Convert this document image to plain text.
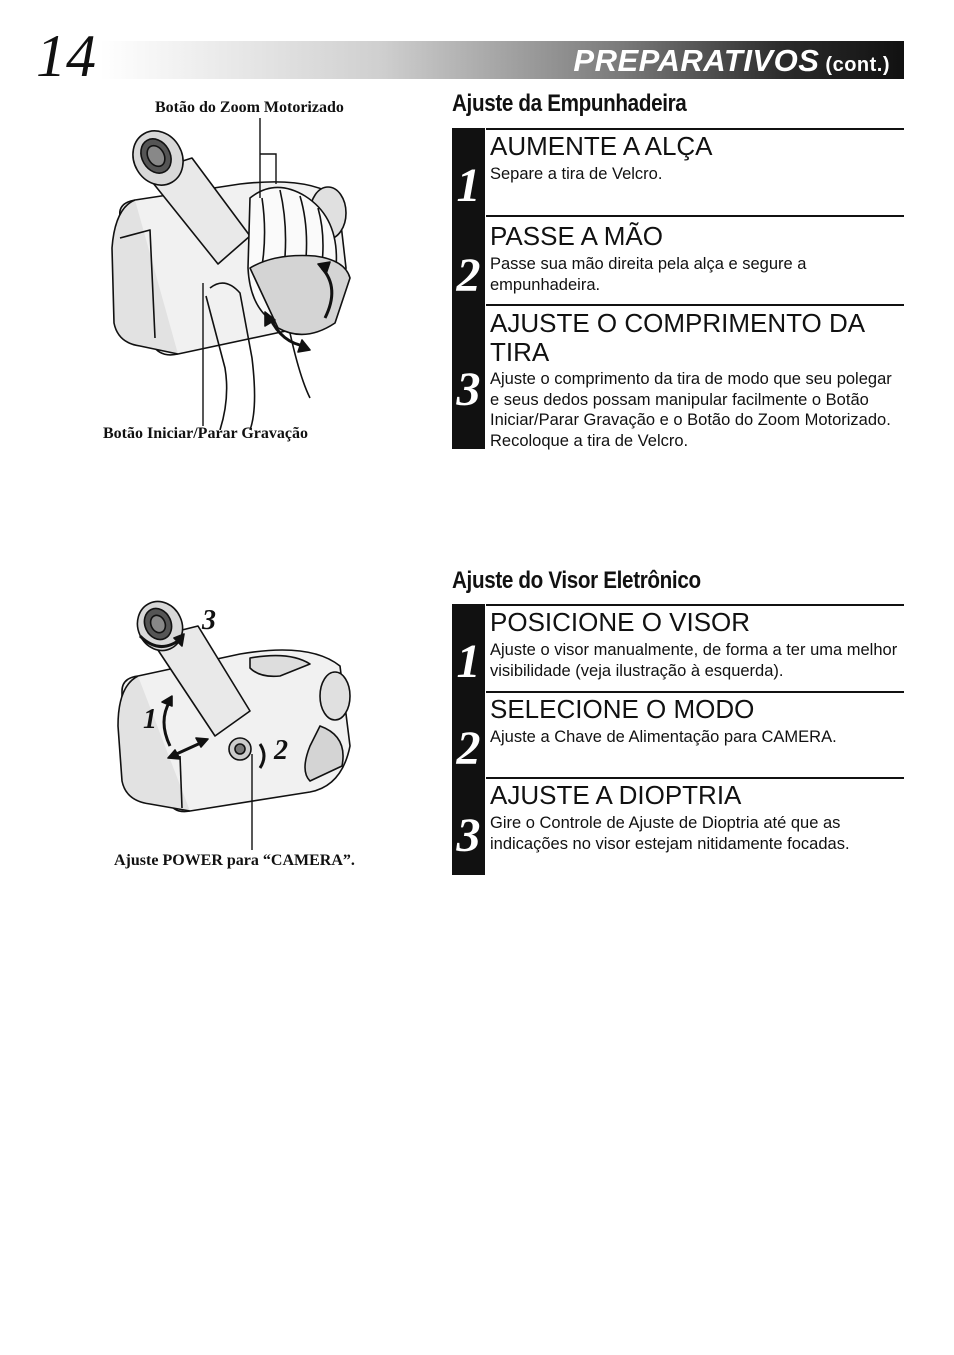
14	PREPARATIVOS (cont.)
Botão do Zoom Motorizado
Botão Iniciar/Parar Gravação
Ajuste da Empunhadeira
1
AUMENTE A ALÇA
Separe a tira de Velcro.
2
PASSE A MÃO
Passe sua mão direita pela alça e segure a empunhadeira.
3
AJUSTE O COMPRIMENTO DA TIRA
Ajuste o comprimento da tira de modo que seu polegar e seus dedos possam manipular facilmente o Botão Iniciar/Parar Gravação e o Botão do Zoom Motorizado. Recoloque a tira de Velcro.
3
1
2
Ajuste POWER para “CAMERA”.
Ajuste do Visor Eletrônico
1
POSICIONE O VISOR
Ajuste o visor manualmente, de forma a ter uma melhor visibilidade (veja ilustração à esquerda).
2
SELECIONE O MODO
Ajuste a Chave de Alimentação para CAMERA.
3
AJUSTE A DIOPTRIA
Gire o Controle de Ajuste de Dioptria até que as indicações no visor estejam nitidamente focadas.
